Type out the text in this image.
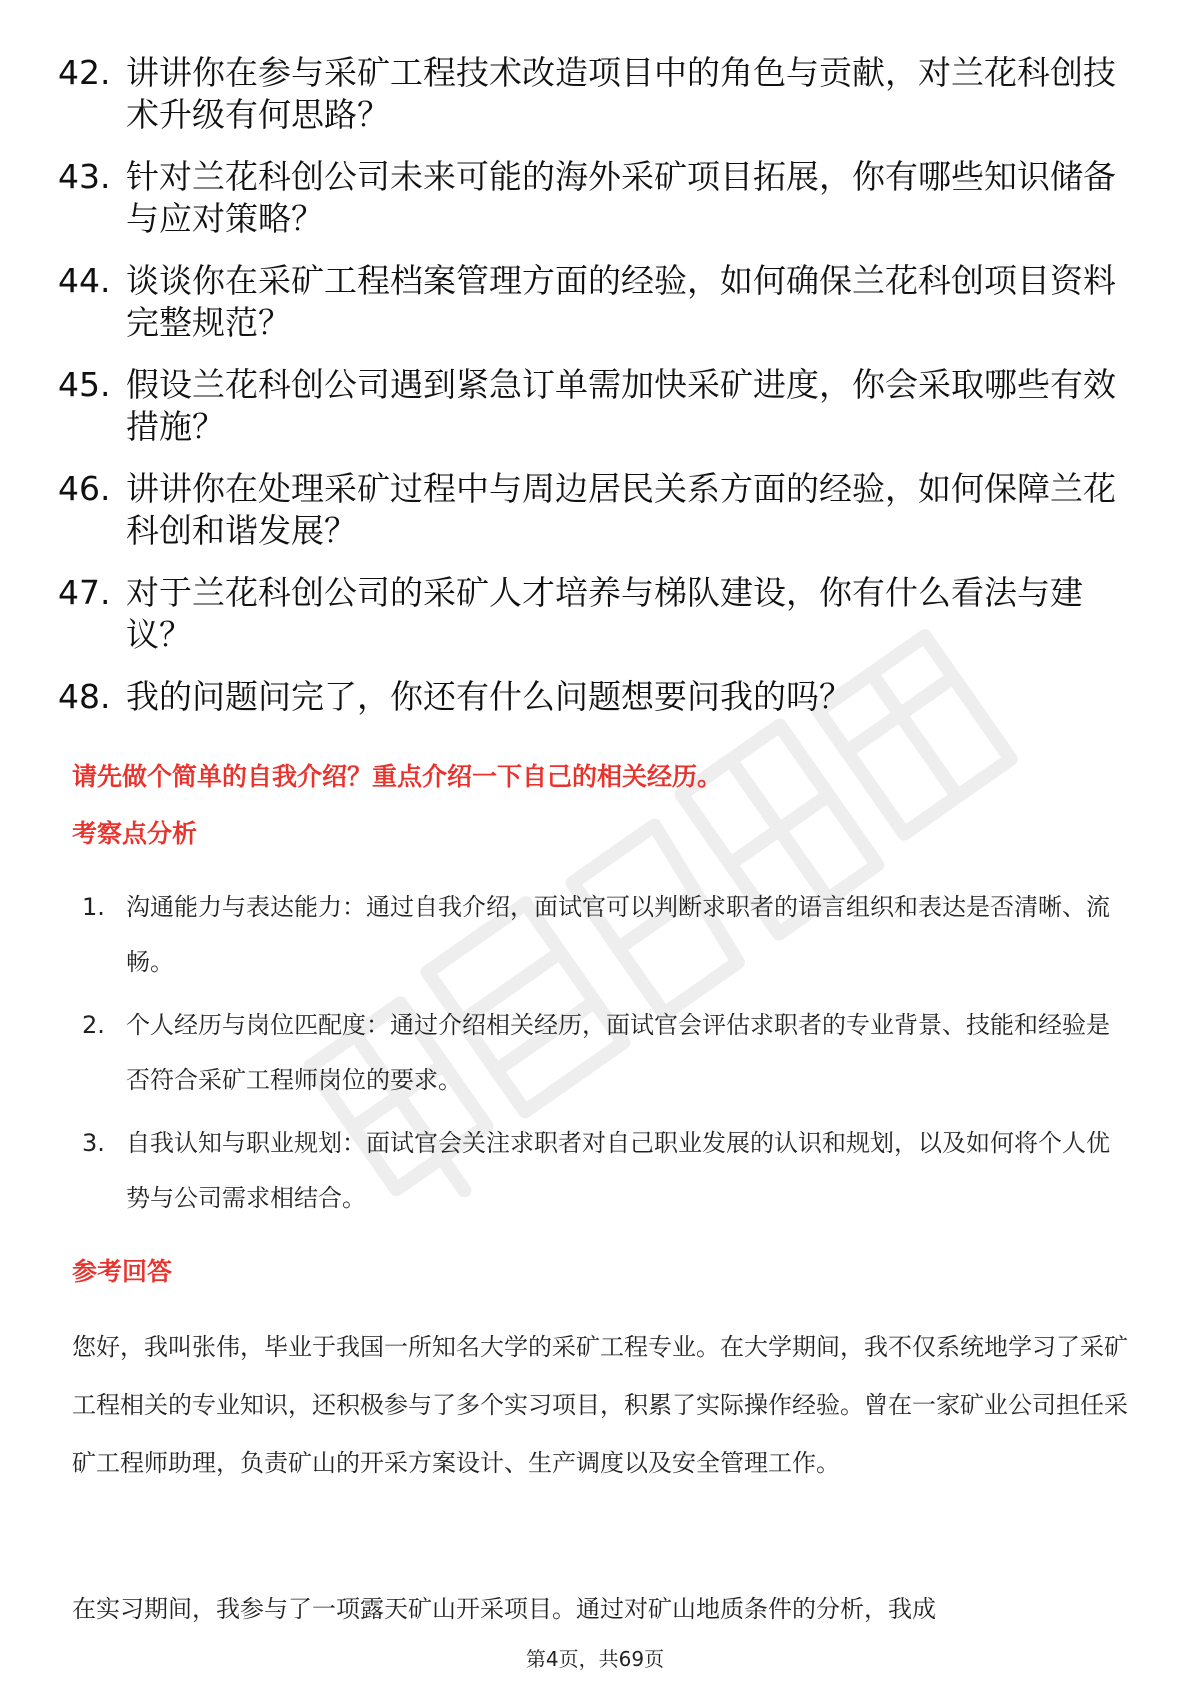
42. 讲讲你在参与采矿工程技术改造项目中的角色与贡献，对兰花科创技术升级有何思路？
43. 针对兰花科创公司未来可能的海外采矿项目拓展，你有哪些知识储备与应对策略？
44. 谈谈你在采矿工程档案管理方面的经验，如何确保兰花科创项目资料完整规范？
45. 假设兰花科创公司遇到紧急订单需加快采矿进度，你会采取哪些有效措施？
46. 讲讲你在处理采矿过程中与周边居民关系方面的经验，如何保障兰花科创和谐发展？
47. 对于兰花科创公司的采矿人才培养与梯队建设，你有什么看法与建议？
48. 我的问题问完了，你还有什么问题想要问我的吗？
请先做个简单的自我介绍？重点介绍一下自己的相关经历。
考察点分析
1. 沟通能力与表达能力：通过自我介绍，面试官可以判断求职者的语言组织和表达是否清晰、流畅。
2. 个人经历与岗位匹配度：通过介绍相关经历，面试官会评估求职者的专业背景、技能和经验是否符合采矿工程师岗位的要求。
3. 自我认知与职业规划：面试官会关注求职者对自己职业发展的认识和规划，以及如何将个人优势与公司需求相结合。
参考回答

您好，我叫张伟，毕业于我国一所知名大学的采矿工程专业。在大学期间，我不仅系统地学习了采矿工程相关的专业知识，还积极参与了多个实习项目，积累了实际操作经验。曾在一家矿业公司担任采矿工程师助理，负责矿山的开采方案设计、生产调度以及安全管理工作。

在实习期间，我参与了一项露天矿山开采项目。通过对矿山地质条件的分析，我成

第4页，共69页
